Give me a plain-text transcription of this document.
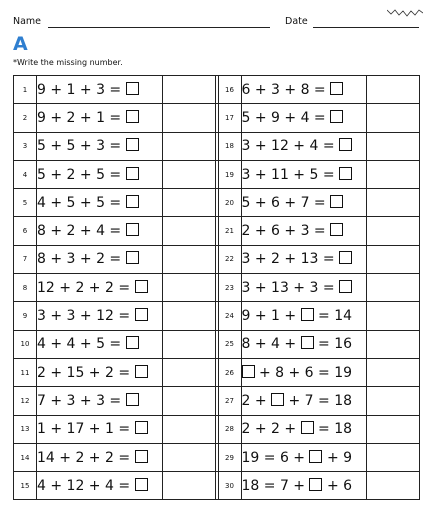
Name	Date
A
*Write the missing number.
1	9 + 1 + 3 =			16	6 + 3 + 8 =	
2	9 + 2 + 1 =			17	5 + 9 + 4 =	
3	5 + 5 + 3 =			18	3 + 12 + 4 =	
4	5 + 2 + 5 =			19	3 + 11 + 5 =	
5	4 + 5 + 5 =			20	5 + 6 + 7 =	
6	8 + 2 + 4 =			21	2 + 6 + 3 =	
7	8 + 3 + 2 =			22	3 + 2 + 13 =	
8	12 + 2 + 2 =			23	3 + 13 + 3 =	
9	3 + 3 + 12 =			24	9 + 1 +  = 14	
10	4 + 4 + 5 =			25	8 + 4 +  = 16	
11	2 + 15 + 2 =			26	+ 8 + 6 = 19	
12	7 + 3 + 3 =			27	2 +  + 7 = 18	
13	1 + 17 + 1 =			28	2 + 2 +  = 18	
14	14 + 2 + 2 =			29	19 = 6 +  + 9	
15	4 + 12 + 4 =			30	18 = 7 +  + 6	
